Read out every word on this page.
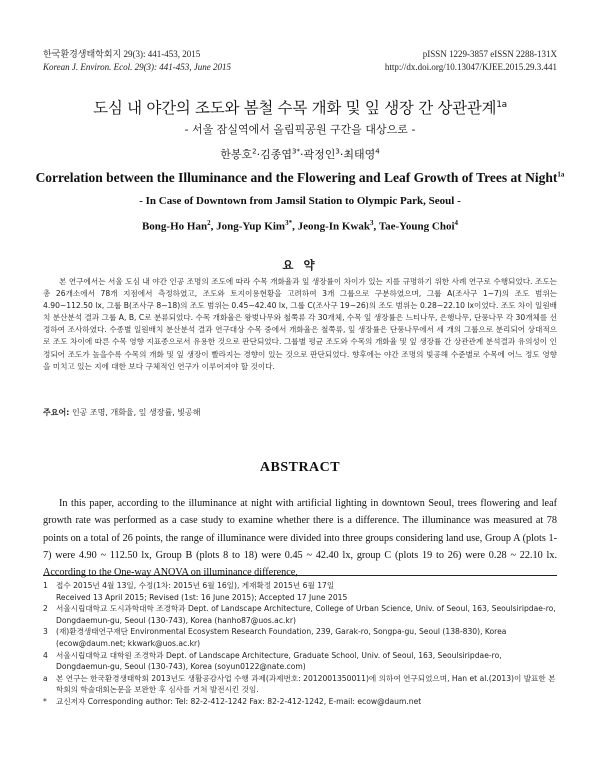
한국환경생태학회지 29(3): 441-453, 2015
Korean J. Environ. Ecol. 29(3): 441-453, June 2015
pISSN 1229-3857 eISSN 2288-131X
http://dx.doi.org/10.13047/KJEE.2015.29.3.441
도심 내 야간의 조도와 봄철 수목 개화 및 잎 생장 간 상관관계$^{1a}$
- 서울 잠실역에서 올림픽공원 구간을 대상으로 -
한봉호$^2$·김종엽$^{3*}$·곽정인$^3$·최태영$^4$
Correlation between the Illuminance and the Flowering and Leaf Growth of Trees at Night$^{1a}$
- In Case of Downtown from Jamsil Station to Olympic Park, Seoul -
Bong-Ho Han$^2$, Jong-Yup Kim$^{3*}$, Jeong-In Kwak$^3$, Tae-Young Choi$^4$
요 약

본 연구에서는 서울 도심 내 야간 인공 조명의 조도에 따라 수목 개화율과 잎 생장률이 차이가 있는 지를 규명하기 위한 사례 연구로 수행되었다. 조도는 총 26개소에서 78개 지점에서 측정하였고, 조도와 토지이용현황을 고려하여 3개 그룹으로 구분하였으며, 그룹 A(조사구 1~7)의 조도 범위는 4.90~112.50 lx, 그룹 B(조사구 8~18)의 조도 범위는 0.45~42.40 lx, 그룹 C(조사구 19~26)의 조도 범위는 0.28~22.10 lx이었다. 조도 차이 일원배치 분산분석 결과 그룹 A, B, C로 분류되었다. 수목 개화율은 왕벚나무와 철쭉류 각 30개체, 수목 잎 생장률은 느티나무, 은행나무, 단풍나무 각 30개체를 선정하여 조사하였다. 수종별 일원배치 분산분석 결과 연구대상 수목 중에서 개화율은 철쭉류, 잎 생장률은 단풍나무에서 세 개의 그룹으로 분리되어 상대적으로 조도 차이에 따른 수목 영향 지표종으로서 유용한 것으로 판단되었다. 그룹별 평균 조도와 수목의 개화율 및 잎 생장률 간 상관관계 분석결과 유의성이 인정되어 조도가 높을수록 수목의 개화 및 잎 생장이 빨라지는 경향이 있는 것으로 판단되었다. 향후에는 야간 조명의 빛공해 수준별로 수목에 어느 정도 영향을 미치고 있는 지에 대한 보다 구체적인 연구가 이루어져야 할 것이다.

주요어: 인공 조명, 개화율, 잎 생장률, 빛공해
ABSTRACT

In this paper, according to the illuminance at night with artificial lighting in downtown Seoul, trees flowering and leaf growth rate was performed as a case study to examine whether there is a difference. The illuminance was measured at 78 points on a total of 26 points, the range of illuminance were divided into three groups considering land use, Group A (plots 1-7) were 4.90 ~ 112.50 lx, Group B (plots 8 to 18) were 0.45 ~ 42.40 lx, group C (plots 19 to 26) were 0.28 ~ 22.10 lx. According to the One-way ANOVA on illuminance difference,

1 접수 2015년 4월 13일, 수정(1차: 2015년 6월 16일), 게재확정 2015년 6월 17일
Received 13 April 2015; Revised (1st: 16 June 2015); Accepted 17 June 2015
2 서울시립대학교 도시과학대학 조경학과 Dept. of Landscape Architecture, College of Urban Science, Univ. of Seoul, 163, Seoulsiripdae-ro, Dongdaemun-gu, Seoul (130-743), Korea (hanho87@uos.ac.kr)
3 (재)환경생태연구재단 Environmental Ecosystem Research Foundation, 239, Garak-ro, Songpa-gu, Seoul (138-830), Korea (ecow@daum.net; kkwark@uos.ac.kr)
4 서울시립대학교 대학원 조경학과 Dept. of Landscape Architecture, Graduate School, Univ. of Seoul, 163, Seoulsiripdae-ro, Dongdaemun-gu, Seoul (130-743), Korea (soyun0122@nate.com)
a 본 연구는 한국환경생태학회 2013년도 생활공감사업 수행 과제(과제번호: 2012001350011)에 의하여 연구되었으며, Han et al.(2013)이 발표한 본 학회의 학술대회논문을 보완한 후 심사를 거쳐 발전시킨 것임.
* 교신저자 Corresponding author: Tel: 82-2-412-1242 Fax: 82-2-412-1242, E-mail: ecow@daum.net
